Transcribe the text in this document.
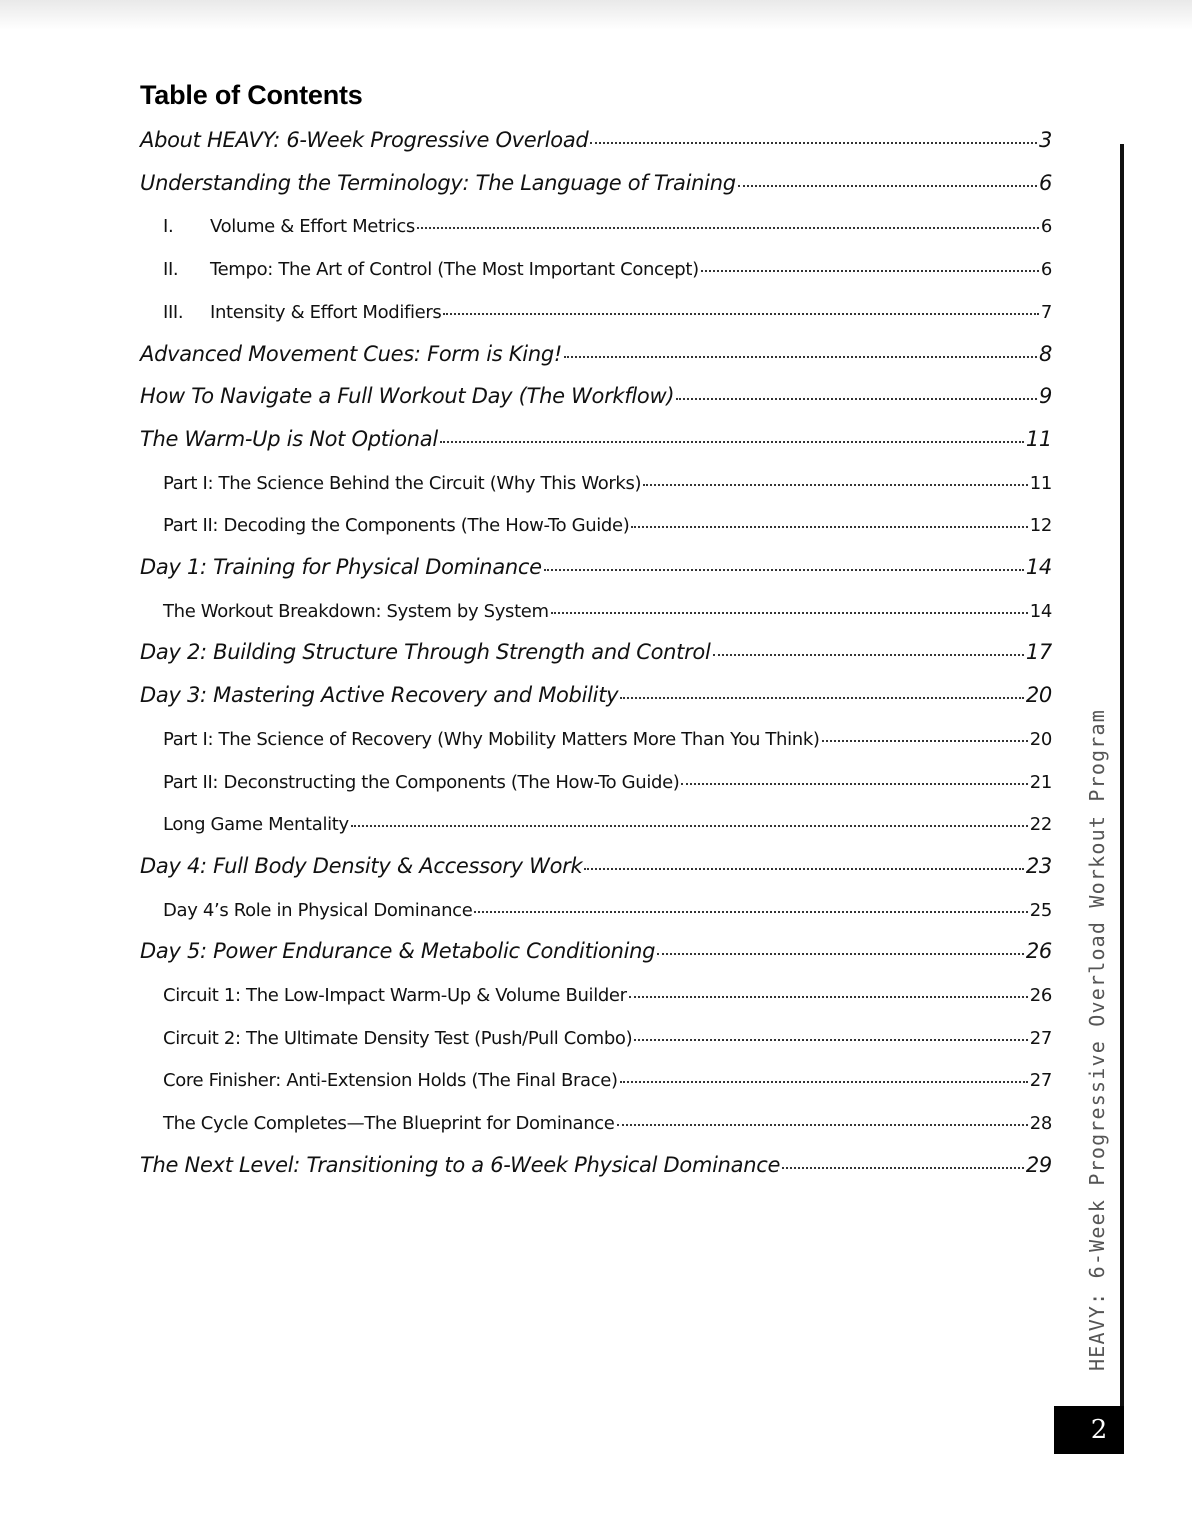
Table of Contents
About HEAVY: 6-Week Progressive Overload	3
Understanding the Terminology: The Language of Training	6
I.	Volume & Effort Metrics	6
II.	Tempo: The Art of Control (The Most Important Concept)	6
III.	Intensity & Effort Modifiers	7
Advanced Movement Cues: Form is King!	8
How To Navigate a Full Workout Day (The Workflow)	9
The Warm-Up is Not Optional	11
Part I: The Science Behind the Circuit (Why This Works)	11
Part II: Decoding the Components (The How-To Guide)	12
Day 1: Training for Physical Dominance	14
The Workout Breakdown: System by System	14
Day 2: Building Structure Through Strength and Control	17
Day 3: Mastering Active Recovery and Mobility	20
Part I: The Science of Recovery (Why Mobility Matters More Than You Think)	20
Part II: Deconstructing the Components (The How-To Guide)	21
Long Game Mentality	22
Day 4: Full Body Density & Accessory Work	23
Day 4’s Role in Physical Dominance	25
Day 5: Power Endurance & Metabolic Conditioning	26
Circuit 1: The Low-Impact Warm-Up & Volume Builder	26
Circuit 2: The Ultimate Density Test (Push/Pull Combo)	27
Core Finisher: Anti-Extension Holds (The Final Brace)	27
The Cycle Completes—The Blueprint for Dominance	28
The Next Level: Transitioning to a 6-Week Physical Dominance	29 HEAVY: 6-Week Progressive Overload Workout Program
2
